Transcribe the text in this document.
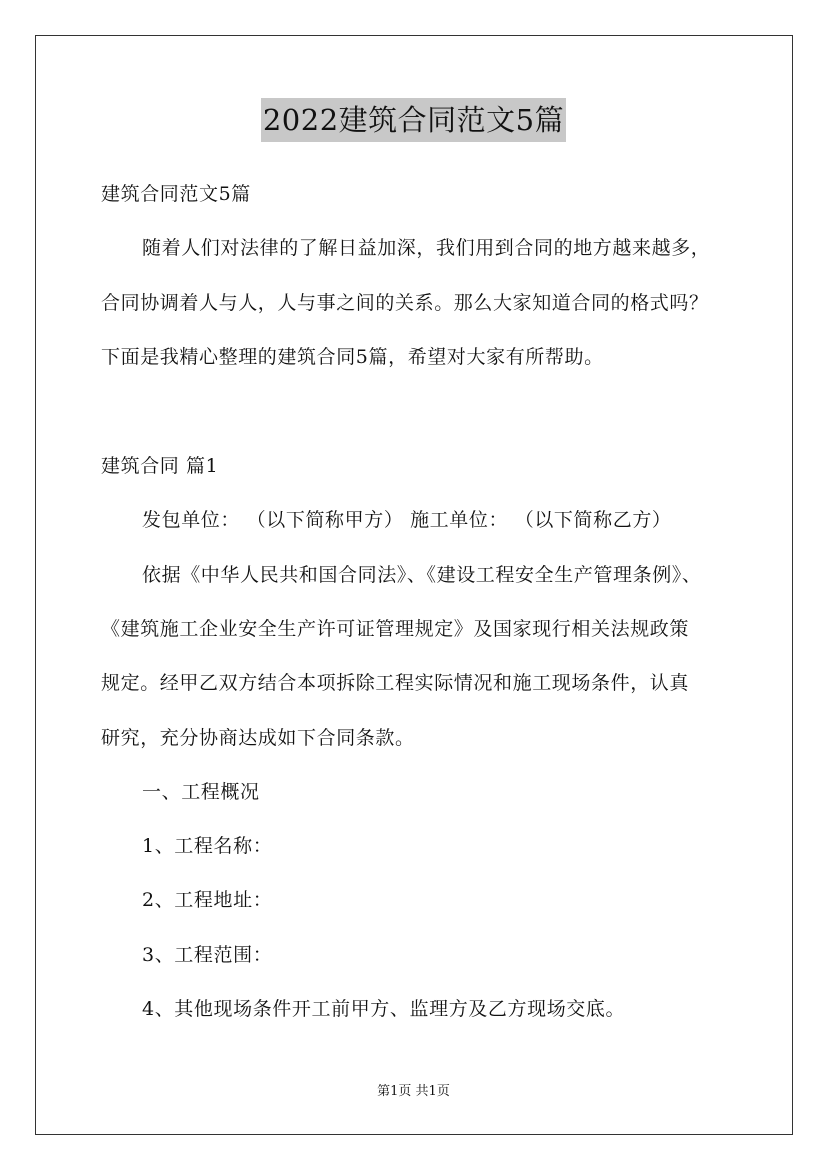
2022建筑合同范文5篇
建筑合同范文5篇
随着人们对法律的了解日益加深，我们用到合同的地方越来越多，
合同协调着人与人，人与事之间的关系。那么大家知道合同的格式吗？
下面是我精心整理的建筑合同5篇，希望对大家有所帮助。
建筑合同 篇1
发包单位： （以下简称甲方） 施工单位： （以下简称乙方）
依据《中华人民共和国合同法》、《建设工程安全生产管理条例》、
《建筑施工企业安全生产许可证管理规定》及国家现行相关法规政策
规定。经甲乙双方结合本项拆除工程实际情况和施工现场条件，认真
研究，充分协商达成如下合同条款。
一、工程概况
1、工程名称：
2、工程地址：
3、工程范围：
4、其他现场条件开工前甲方、监理方及乙方现场交底。
第1页 共1页
